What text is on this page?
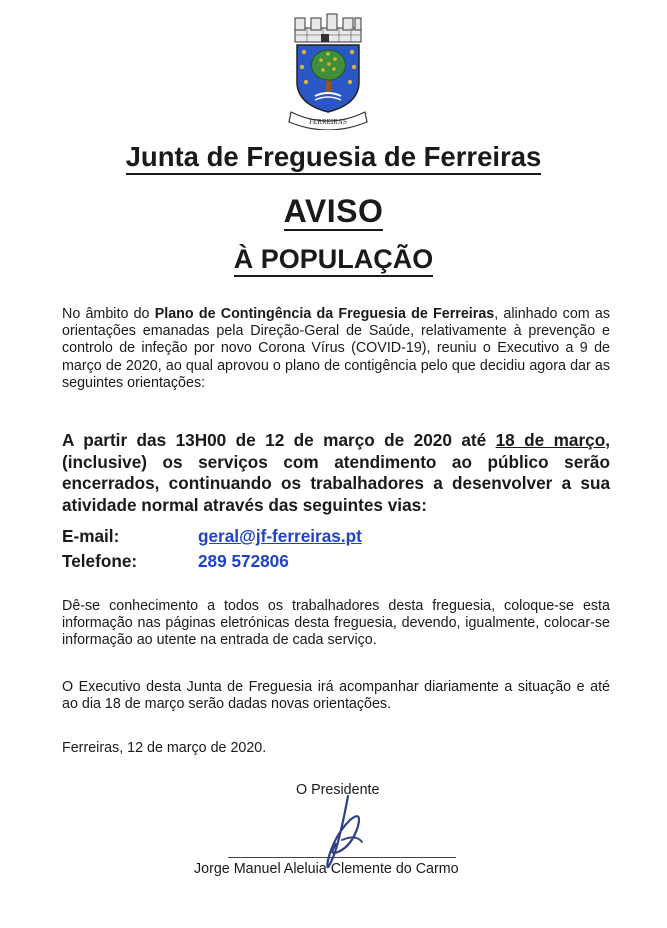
FERREIRAS
Junta de Freguesia de Ferreiras
AVISO
À POPULAÇÃO

No âmbito do Plano de Contingência da Freguesia de Ferreiras, alinhado com as orientações emanadas pela Direção-Geral de Saúde, relativamente à prevenção e controlo de infeção por novo Corona Vírus (COVID-19), reuniu o Executivo a 9 de março de 2020, ao qual aprovou o plano de contigência pelo que decidiu agora dar as seguintes orientações:

A partir das 13H00 de 12 de março de 2020 até 18 de março, (inclusive) os serviços com atendimento ao público serão encerrados, continuando os trabalhadores a desenvolver a sua atividade normal através das seguintes vias:

E-mail:	geral@jf-ferreiras.pt
Telefone:	289 572806

Dê-se conhecimento a todos os trabalhadores desta freguesia, coloque-se esta informação nas páginas eletrónicas desta freguesia, devendo, igualmente, colocar-se informação ao utente na entrada de cada serviço.

O Executivo desta Junta de Freguesia irá acompanhar diariamente a situação e até ao dia 18 de março serão dadas novas orientações.

Ferreiras, 12 de março de 2020.
O Presidente
Jorge Manuel Aleluia Clemente do Carmo
